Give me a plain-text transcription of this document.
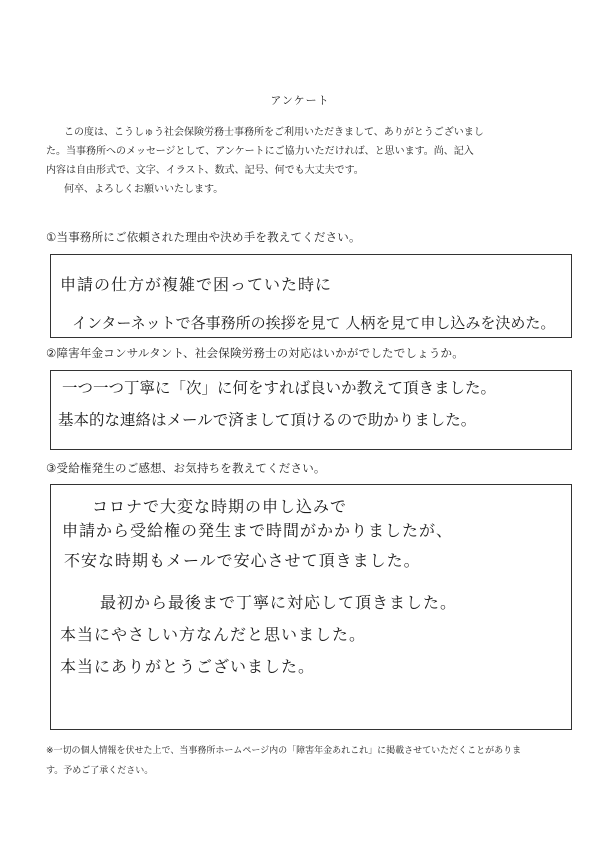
アンケート
この度は、こうしゅう社会保険労務士事務所をご利用いただきまして、ありがとうございまし
た。当事務所へのメッセージとして、アンケートにご協力いただければ、と思います。尚、記入
内容は自由形式で、文字、イラスト、数式、記号、何でも大丈夫です。
何卒、よろしくお願いいたします。
①当事務所にご依頼された理由や決め手を教えてください。
申請の仕方が複雑で困っていた時に
インターネットで各事務所の挨拶を見て 人柄を見て申し込みを決めた。
②障害年金コンサルタント、社会保険労務士の対応はいかがでしたでしょうか。
一つ一つ丁寧に「次」に何をすれば良いか教えて頂きました。
基本的な連絡はメールで済まして頂けるので助かりました。
③受給権発生のご感想、お気持ちを教えてください。
コロナで大変な時期の申し込みで
申請から受給権の発生まで時間がかかりましたが、
不安な時期もメールで安心させて頂きました。
最初から最後まで丁寧に対応して頂きました。
本当にやさしい方なんだと思いました。
本当にありがとうございました。
※一切の個人情報を伏せた上で、当事務所ホームページ内の「障害年金あれこれ」に掲載させていただくことがありま
す。予めご了承ください。
